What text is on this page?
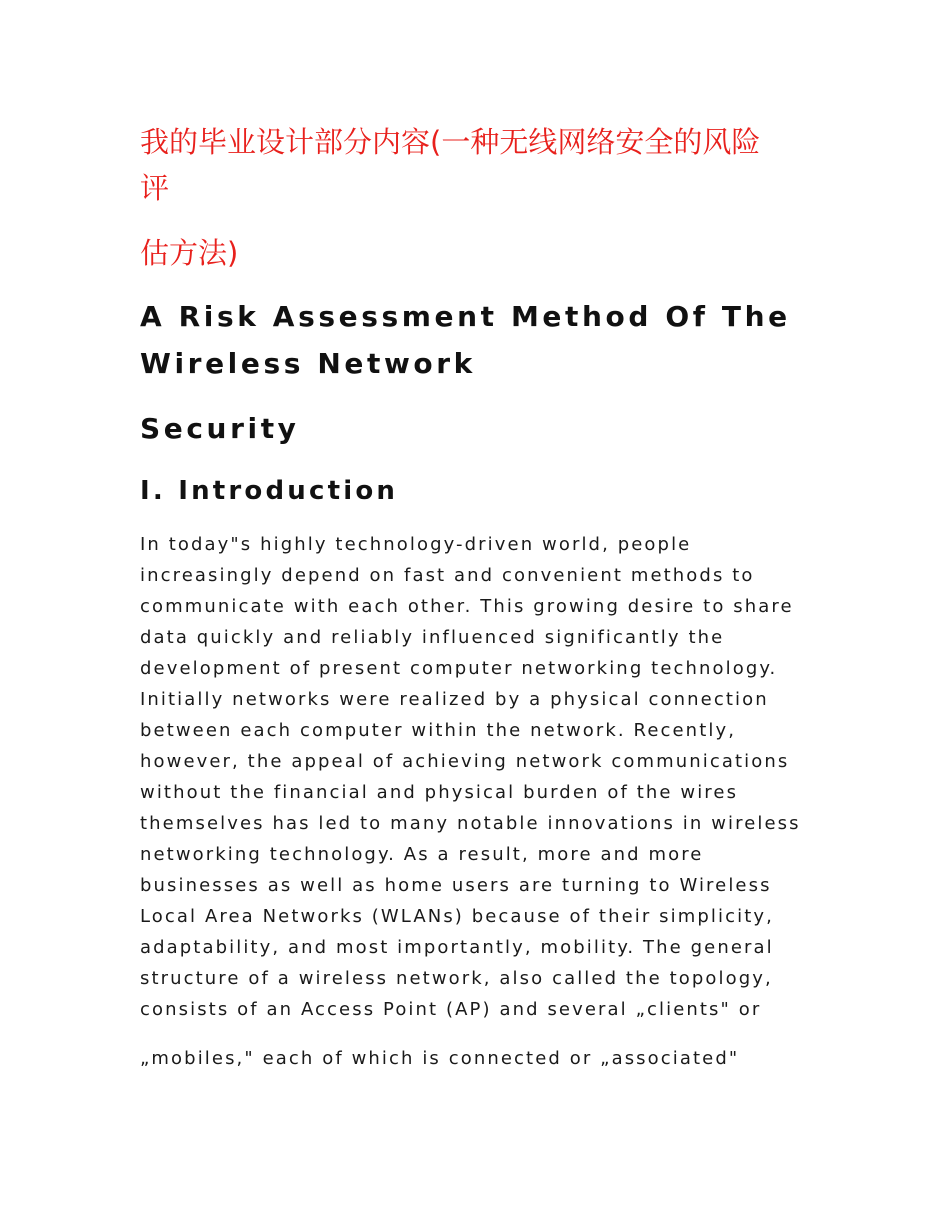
我的毕业设计部分内容(一种无线网络安全的风险
评
估方法)
A Risk Assessment Method Of The
Wireless Network
Security
I. Introduction
In today"s highly technology-driven world, people
increasingly depend on fast and convenient methods to
communicate with each other. This growing desire to share
data quickly and reliably influenced significantly the
development of present computer networking technology.
Initially networks were realized by a physical connection
between each computer within the network. Recently,
however, the appeal of achieving network communications
without the financial and physical burden of the wires
themselves has led to many notable innovations in wireless
networking technology. As a result, more and more
businesses as well as home users are turning to Wireless
Local Area Networks (WLANs) because of their simplicity,
adaptability, and most importantly, mobility. The general
structure of a wireless network, also called the topology,
consists of an Access Point (AP) and several „clients" or
„mobiles," each of which is connected or „associated"
